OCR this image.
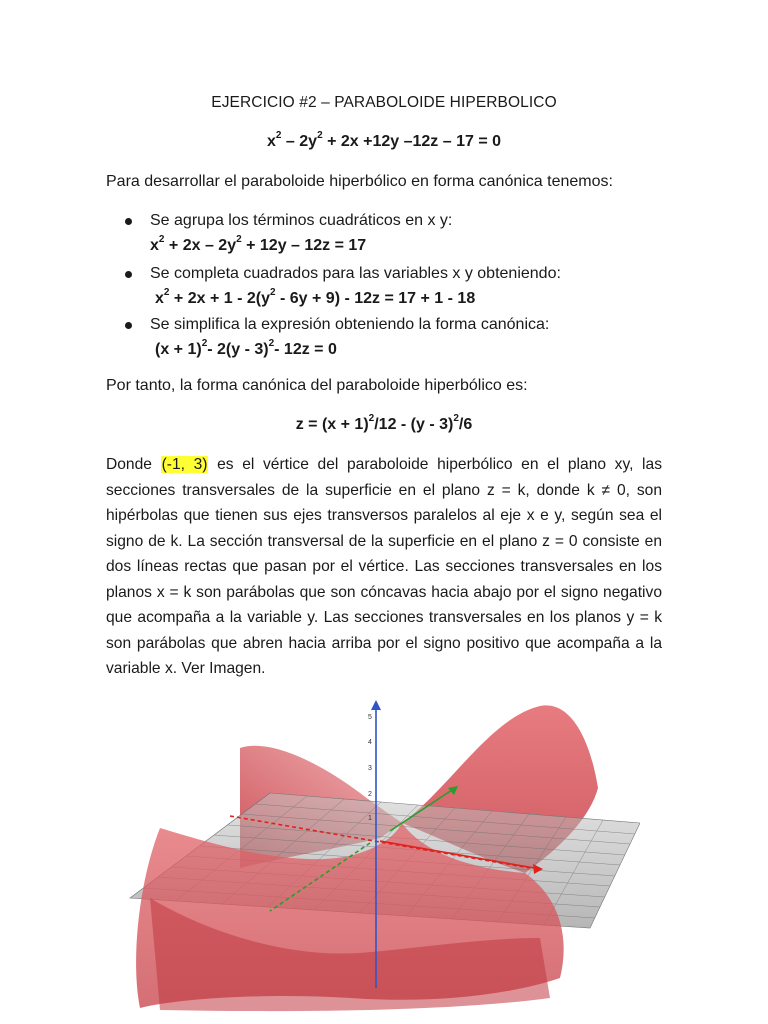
EJERCICIO #2 – PARABOLOIDE HIPERBOLICO
$x^2 - 2y^2 + 2x +12y$ –12z – 17 = 0
Para desarrollar el paraboloide hiperbólico en forma canónica tenemos:
Se agrupa los términos cuadráticos en x y:
$x^2 + 2x - 2y^2 + 12y - 12z = 17$
Se completa cuadrados para las variables x y obteniendo:
$x^2 + 2x + 1 - 2(y^2 - 6y + 9) - 12z = 17 + 1 - 18$
Se simplifica la expresión obteniendo la forma canónica:
$(x + 1)^2-$ 2(y - 3)$^2$- 12z = 0
Por tanto, la forma canónica del paraboloide hiperbólico es:
$z = (x + 1)^2/12 - (y - 3)^2/6$
Donde (-1, 3) es el vértice del paraboloide hiperbólico en el plano xy, las secciones transversales de la superficie en el plano z = k, donde k ≠ 0, son hipérbolas que tienen sus ejes transversos paralelos al eje x e y, según sea el signo de k. La sección transversal de la superficie en el plano z = 0 consiste en dos líneas rectas que pasan por el vértice. Las secciones transversales en los planos x = k son parábolas que son cóncavas hacia abajo por el signo negativo que acompaña a la variable y. Las secciones transversales en los planos y = k son parábolas que abren hacia arriba por el signo positivo que acompaña a la variable x. Ver Imagen.
5
4
3
2
1
